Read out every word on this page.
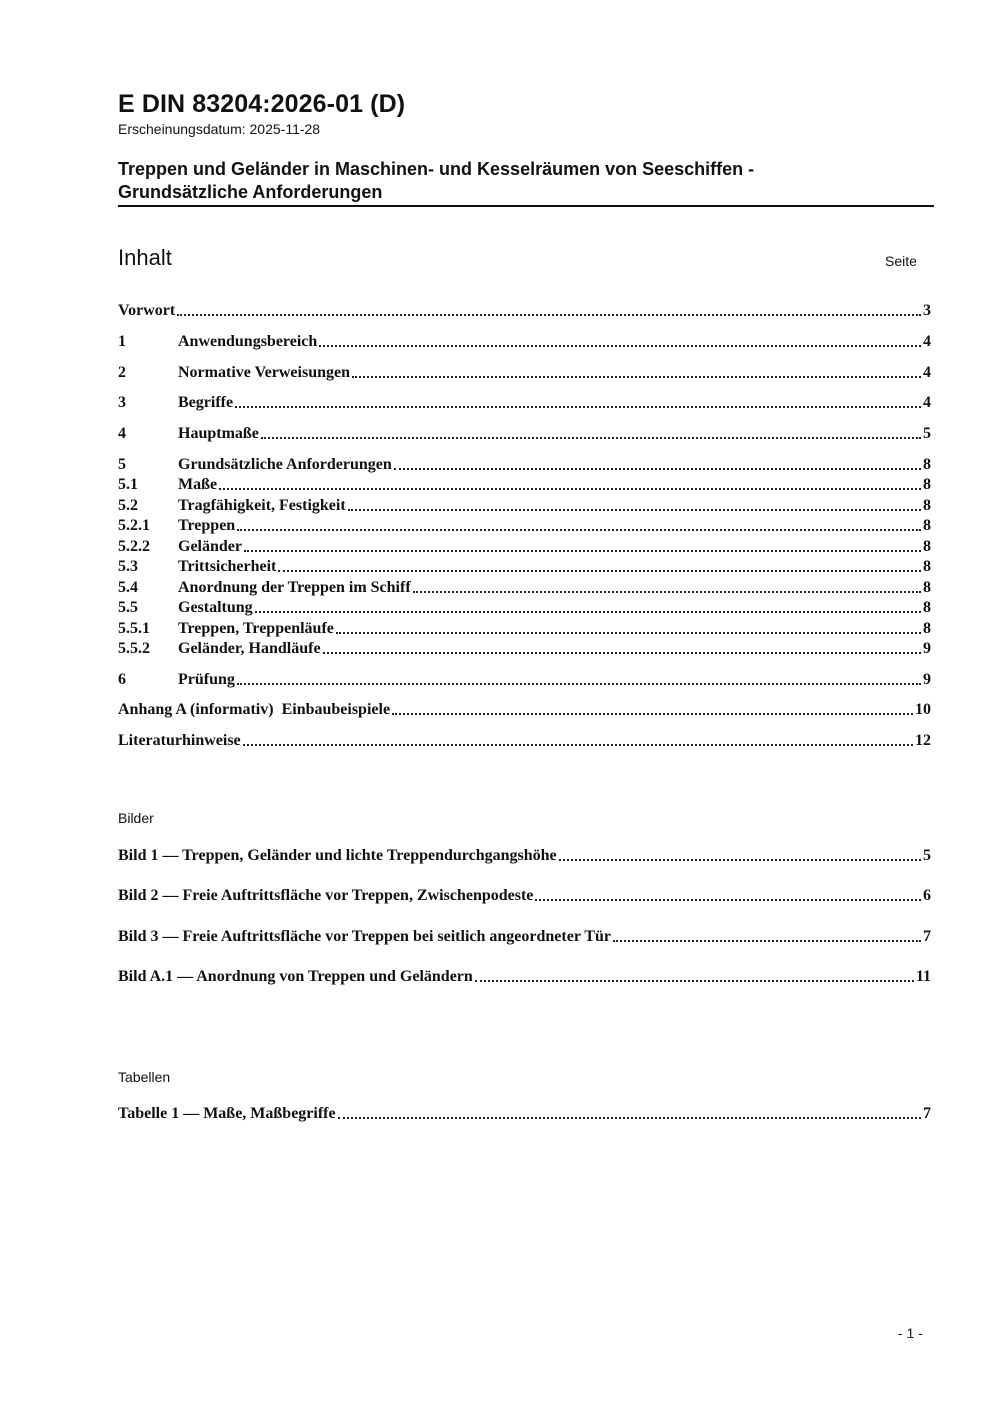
E DIN 83204:2026-01 (D)
Erscheinungsdatum: 2025-11-28
Treppen und Geländer in Maschinen- und Kesselräumen von Seeschiffen -
Grundsätzliche Anforderungen
Inhalt	Seite
Vorwort	3
1	Anwendungsbereich	4
2	Normative Verweisungen	4
3	Begriffe	4
4	Hauptmaße	5
5	Grundsätzliche Anforderungen	8
5.1	Maße	8
5.2	Tragfähigkeit, Festigkeit	8
5.2.1	Treppen	8
5.2.2	Geländer	8
5.3	Trittsicherheit	8
5.4	Anordnung der Treppen im Schiff	8
5.5	Gestaltung	8
5.5.1	Treppen, Treppenläufe	8
5.5.2	Geländer, Handläufe	9
6	Prüfung	9
Anhang A (informativ)  Einbaubeispiele	10
Literaturhinweise	12
Bilder
Bild 1 — Treppen, Geländer und lichte Treppendurchgangshöhe	5
Bild 2 — Freie Auftrittsfläche vor Treppen, Zwischenpodeste	6
Bild 3 — Freie Auftrittsfläche vor Treppen bei seitlich angeordneter Tür	7
Bild A.1 — Anordnung von Treppen und Geländern	11
Tabellen
Tabelle 1 — Maße, Maßbegriffe	7
- 1 -
